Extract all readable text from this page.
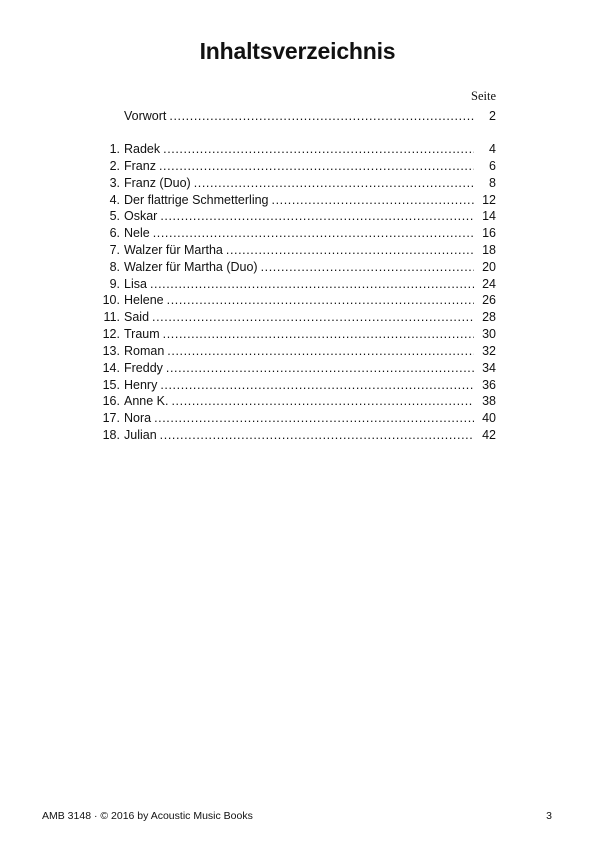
Inhaltsverzeichnis
Seite
Vorwort .....	2
1. Radek .....	4
2. Franz .....	6
3. Franz (Duo) .....	8
4. Der flattrige Schmetterling .....	12
5. Oskar .....	14
6. Nele .....	16
7. Walzer für Martha .....	18
8. Walzer für Martha (Duo) .....	20
9. Lisa .....	24
10. Helene .....	26
11. Said .....	28
12. Traum .....	30
13. Roman .....	32
14. Freddy .....	34
15. Henry .....	36
16. Anne K. .....	38
17. Nora .....	40
18. Julian .....	42
AMB 3148 · © 2016 by Acoustic Music Books	3
